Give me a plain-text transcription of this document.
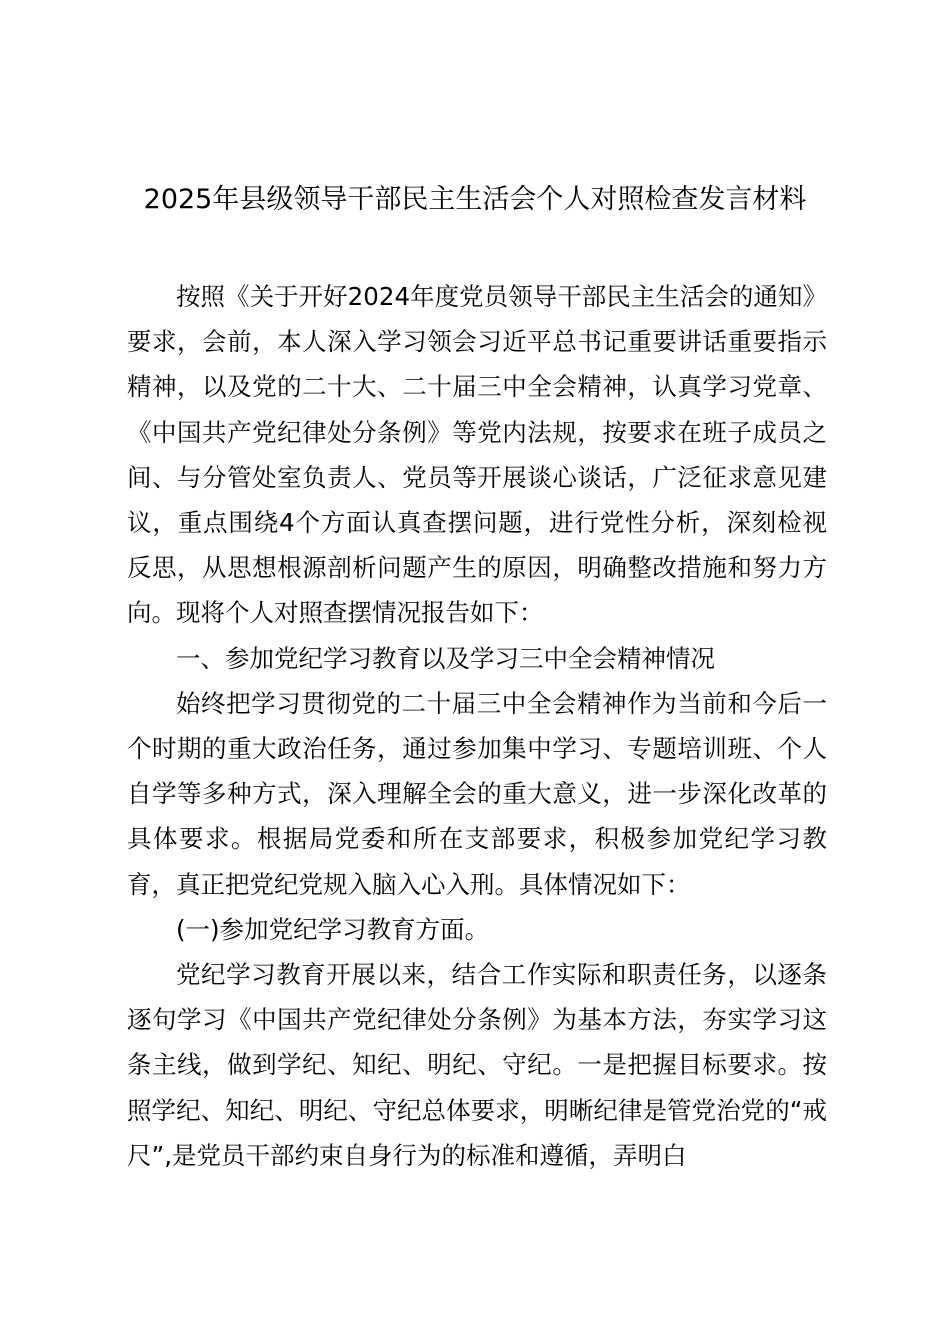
2025年县级领导干部民主生活会个人对照检查发言材料

按照《关于开好2024年度党员领导干部民主生活会的通知》要求，会前，本人深入学习领会习近平总书记重要讲话重要指示精神，以及党的二十大、二十届三中全会精神，认真学习党章、《中国共产党纪律处分条例》等党内法规，按要求在班子成员之间、与分管处室负责人、党员等开展谈心谈话，广泛征求意见建议，重点围绕4个方面认真查摆问题，进行党性分析，深刻检视反思，从思想根源剖析问题产生的原因，明确整改措施和努力方向。现将个人对照查摆情况报告如下：

一、参加党纪学习教育以及学习三中全会精神情况

始终把学习贯彻党的二十届三中全会精神作为当前和今后一个时期的重大政治任务，通过参加集中学习、专题培训班、个人自学等多种方式，深入理解全会的重大意义，进一步深化改革的具体要求。根据局党委和所在支部要求，积极参加党纪学习教育，真正把党纪党规入脑入心入刑。具体情况如下：

(一)参加党纪学习教育方面。

党纪学习教育开展以来，结合工作实际和职责任务，以逐条逐句学习《中国共产党纪律处分条例》为基本方法，夯实学习这条主线，做到学纪、知纪、明纪、守纪。一是把握目标要求。按照学纪、知纪、明纪、守纪总体要求，明晰纪律是管党治党的“戒尺”,是党员干部约束自身行为的标准和遵循，弄明白
